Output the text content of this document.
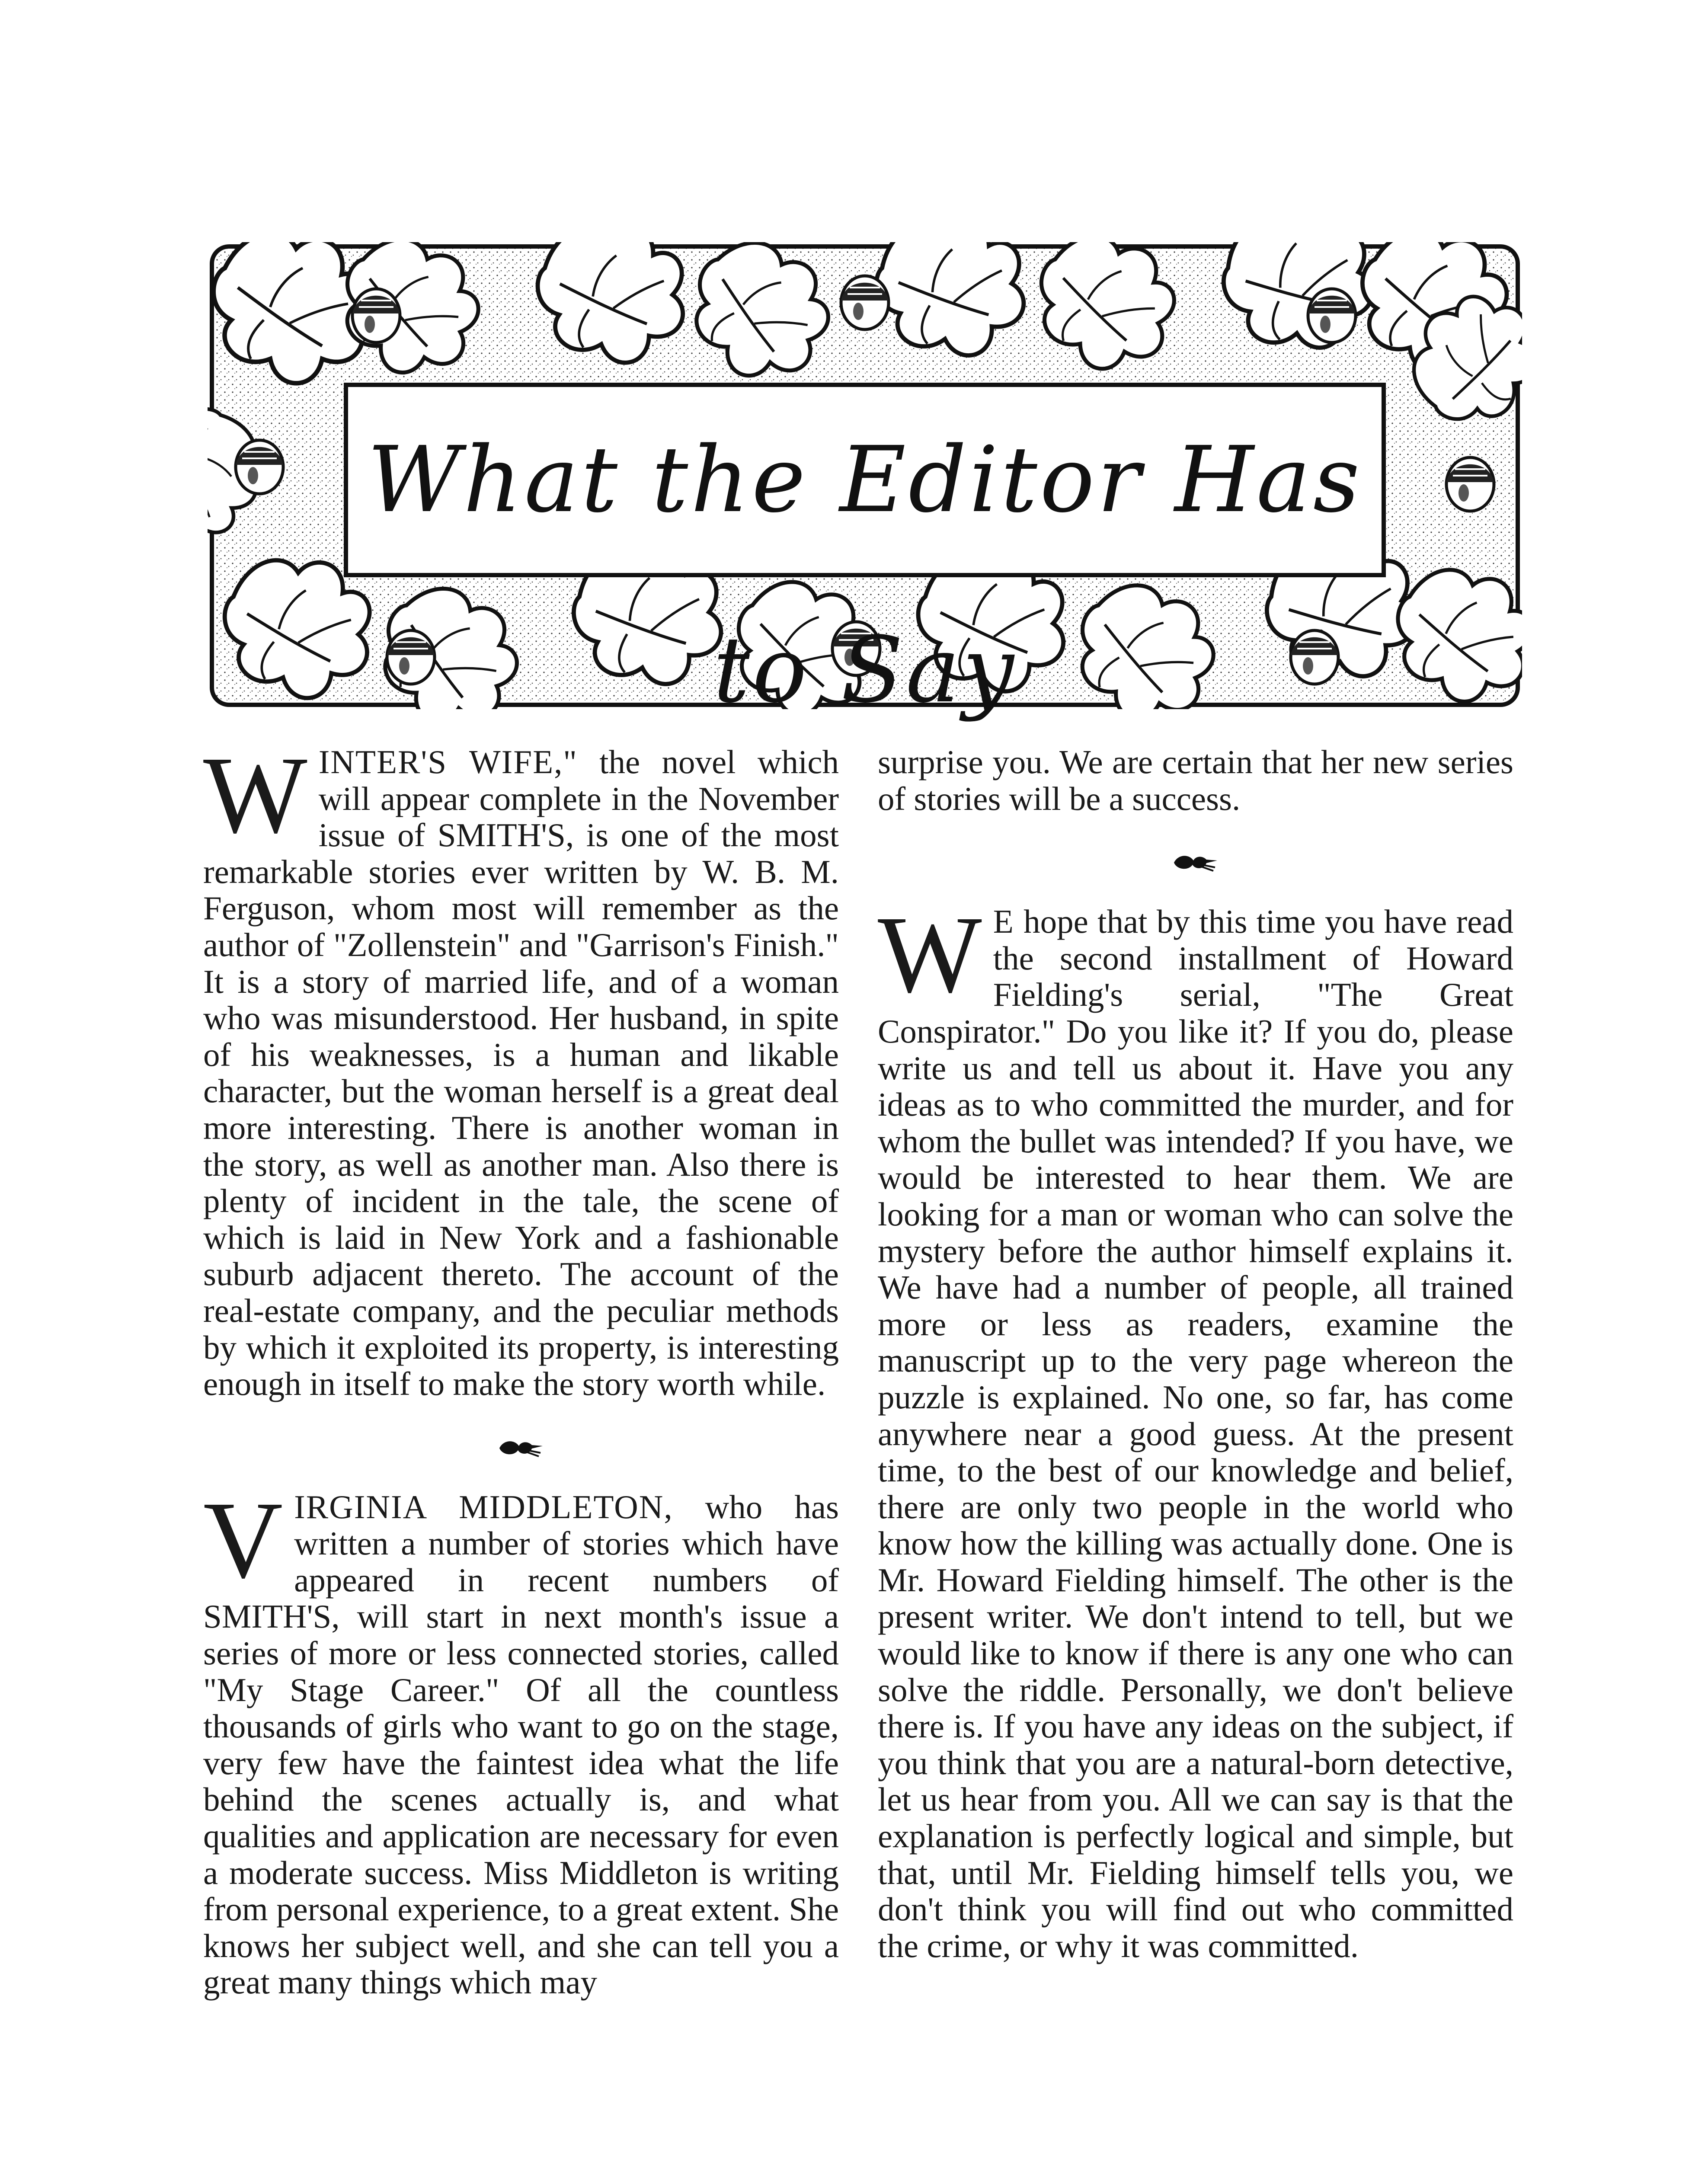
What the Editor Has to Say

WINTER'S WIFE," the novel which will appear complete in the November issue of SMITH'S, is one of the most remarkable stories ever written by W. B. M. Ferguson, whom most will remember as the author of "Zollenstein" and "Garrison's Finish." It is a story of married life, and of a woman who was misunderstood. Her husband, in spite of his weaknesses, is a human and likable character, but the woman herself is a great deal more interesting. There is another woman in the story, as well as another man. Also there is plenty of incident in the tale, the scene of which is laid in New York and a fashionable suburb adjacent thereto. The account of the real-estate company, and the peculiar methods by which it exploited its property, is interesting enough in itself to make the story worth while.

VIRGINIA MIDDLETON, who has written a number of stories which have appeared in recent numbers of SMITH'S, will start in next month's issue a series of more or less connected stories, called "My Stage Career." Of all the countless thousands of girls who want to go on the stage, very few have the faintest idea what the life behind the scenes actually is, and what qualities and application are necessary for even a moderate success. Miss Middleton is writing from personal experience, to a great extent. She knows her subject well, and she can tell you a great many things which may

surprise you. We are certain that her new series of stories will be a success.

W E hope that by this time you have read the second installment of Howard Fielding's serial, "The Great Conspirator." Do you like it? If you do, please write us and tell us about it. Have you any ideas as to who committed the murder, and for whom the bullet was intended? If you have, we would be interested to hear them. We are looking for a man or woman who can solve the mystery before the author himself explains it. We have had a number of people, all trained more or less as readers, examine the manuscript up to the very page whereon the puzzle is explained. No one, so far, has come anywhere near a good guess. At the present time, to the best of our knowledge and belief, there are only two people in the world who know how the killing was actually done. One is Mr. Howard Fielding himself. The other is the present writer. We don't intend to tell, but we would like to know if there is any one who can solve the riddle. Personally, we don't believe there is. If you have any ideas on the subject, if you think that you are a natural-born detective, let us hear from you. All we can say is that the explanation is perfectly logical and simple, but that, until Mr. Fielding himself tells you, we don't think you will find out who committed the crime, or why it was committed.
